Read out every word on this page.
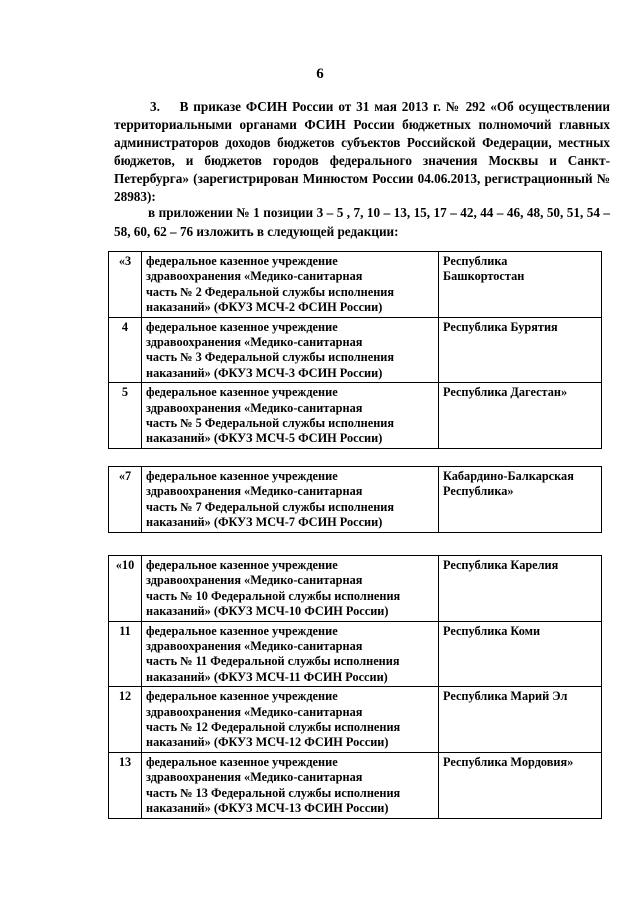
6
3. В приказе ФСИН России от 31 мая 2013 г. № 292 «Об осуществлении территориальными органами ФСИН России бюджетных полномочий главных администраторов доходов бюджетов субъектов Российской Федерации, местных бюджетов, и бюджетов городов федерального значения Москвы и Санкт-Петербурга» (зарегистрирован Минюстом России 04.06.2013, регистрационный № 28983):
в приложении № 1 позиции 3 – 5 , 7, 10 – 13, 15, 17 – 42, 44 – 46, 48, 50, 51, 54 – 58, 60, 62 – 76 изложить в следующей редакции:
«3	федеральное казенное учреждение
здравоохранения «Медико-санитарная
часть № 2 Федеральной службы исполнения
наказаний» (ФКУЗ МСЧ-2 ФСИН России)	Республика
Башкортостан
4	федеральное казенное учреждение
здравоохранения «Медико-санитарная
часть № 3 Федеральной службы исполнения
наказаний» (ФКУЗ МСЧ-3 ФСИН России)	Республика Бурятия
5	федеральное казенное учреждение
здравоохранения «Медико-санитарная
часть № 5 Федеральной службы исполнения
наказаний» (ФКУЗ МСЧ-5 ФСИН России)	Республика Дагестан»
«7	федеральное казенное учреждение
здравоохранения «Медико-санитарная
часть № 7 Федеральной службы исполнения
наказаний» (ФКУЗ МСЧ-7 ФСИН России)	Кабардино-Балкарская
Республика»
«10	федеральное казенное учреждение
здравоохранения «Медико-санитарная
часть № 10 Федеральной службы исполнения
наказаний» (ФКУЗ МСЧ-10 ФСИН России)	Республика Карелия
11	федеральное казенное учреждение
здравоохранения «Медико-санитарная
часть № 11 Федеральной службы исполнения
наказаний» (ФКУЗ МСЧ-11 ФСИН России)	Республика Коми
12	федеральное казенное учреждение
здравоохранения «Медико-санитарная
часть № 12 Федеральной службы исполнения
наказаний» (ФКУЗ МСЧ-12 ФСИН России)	Республика Марий Эл
13	федеральное казенное учреждение
здравоохранения «Медико-санитарная
часть № 13 Федеральной службы исполнения
наказаний» (ФКУЗ МСЧ-13 ФСИН России)	Республика Мордовия»
